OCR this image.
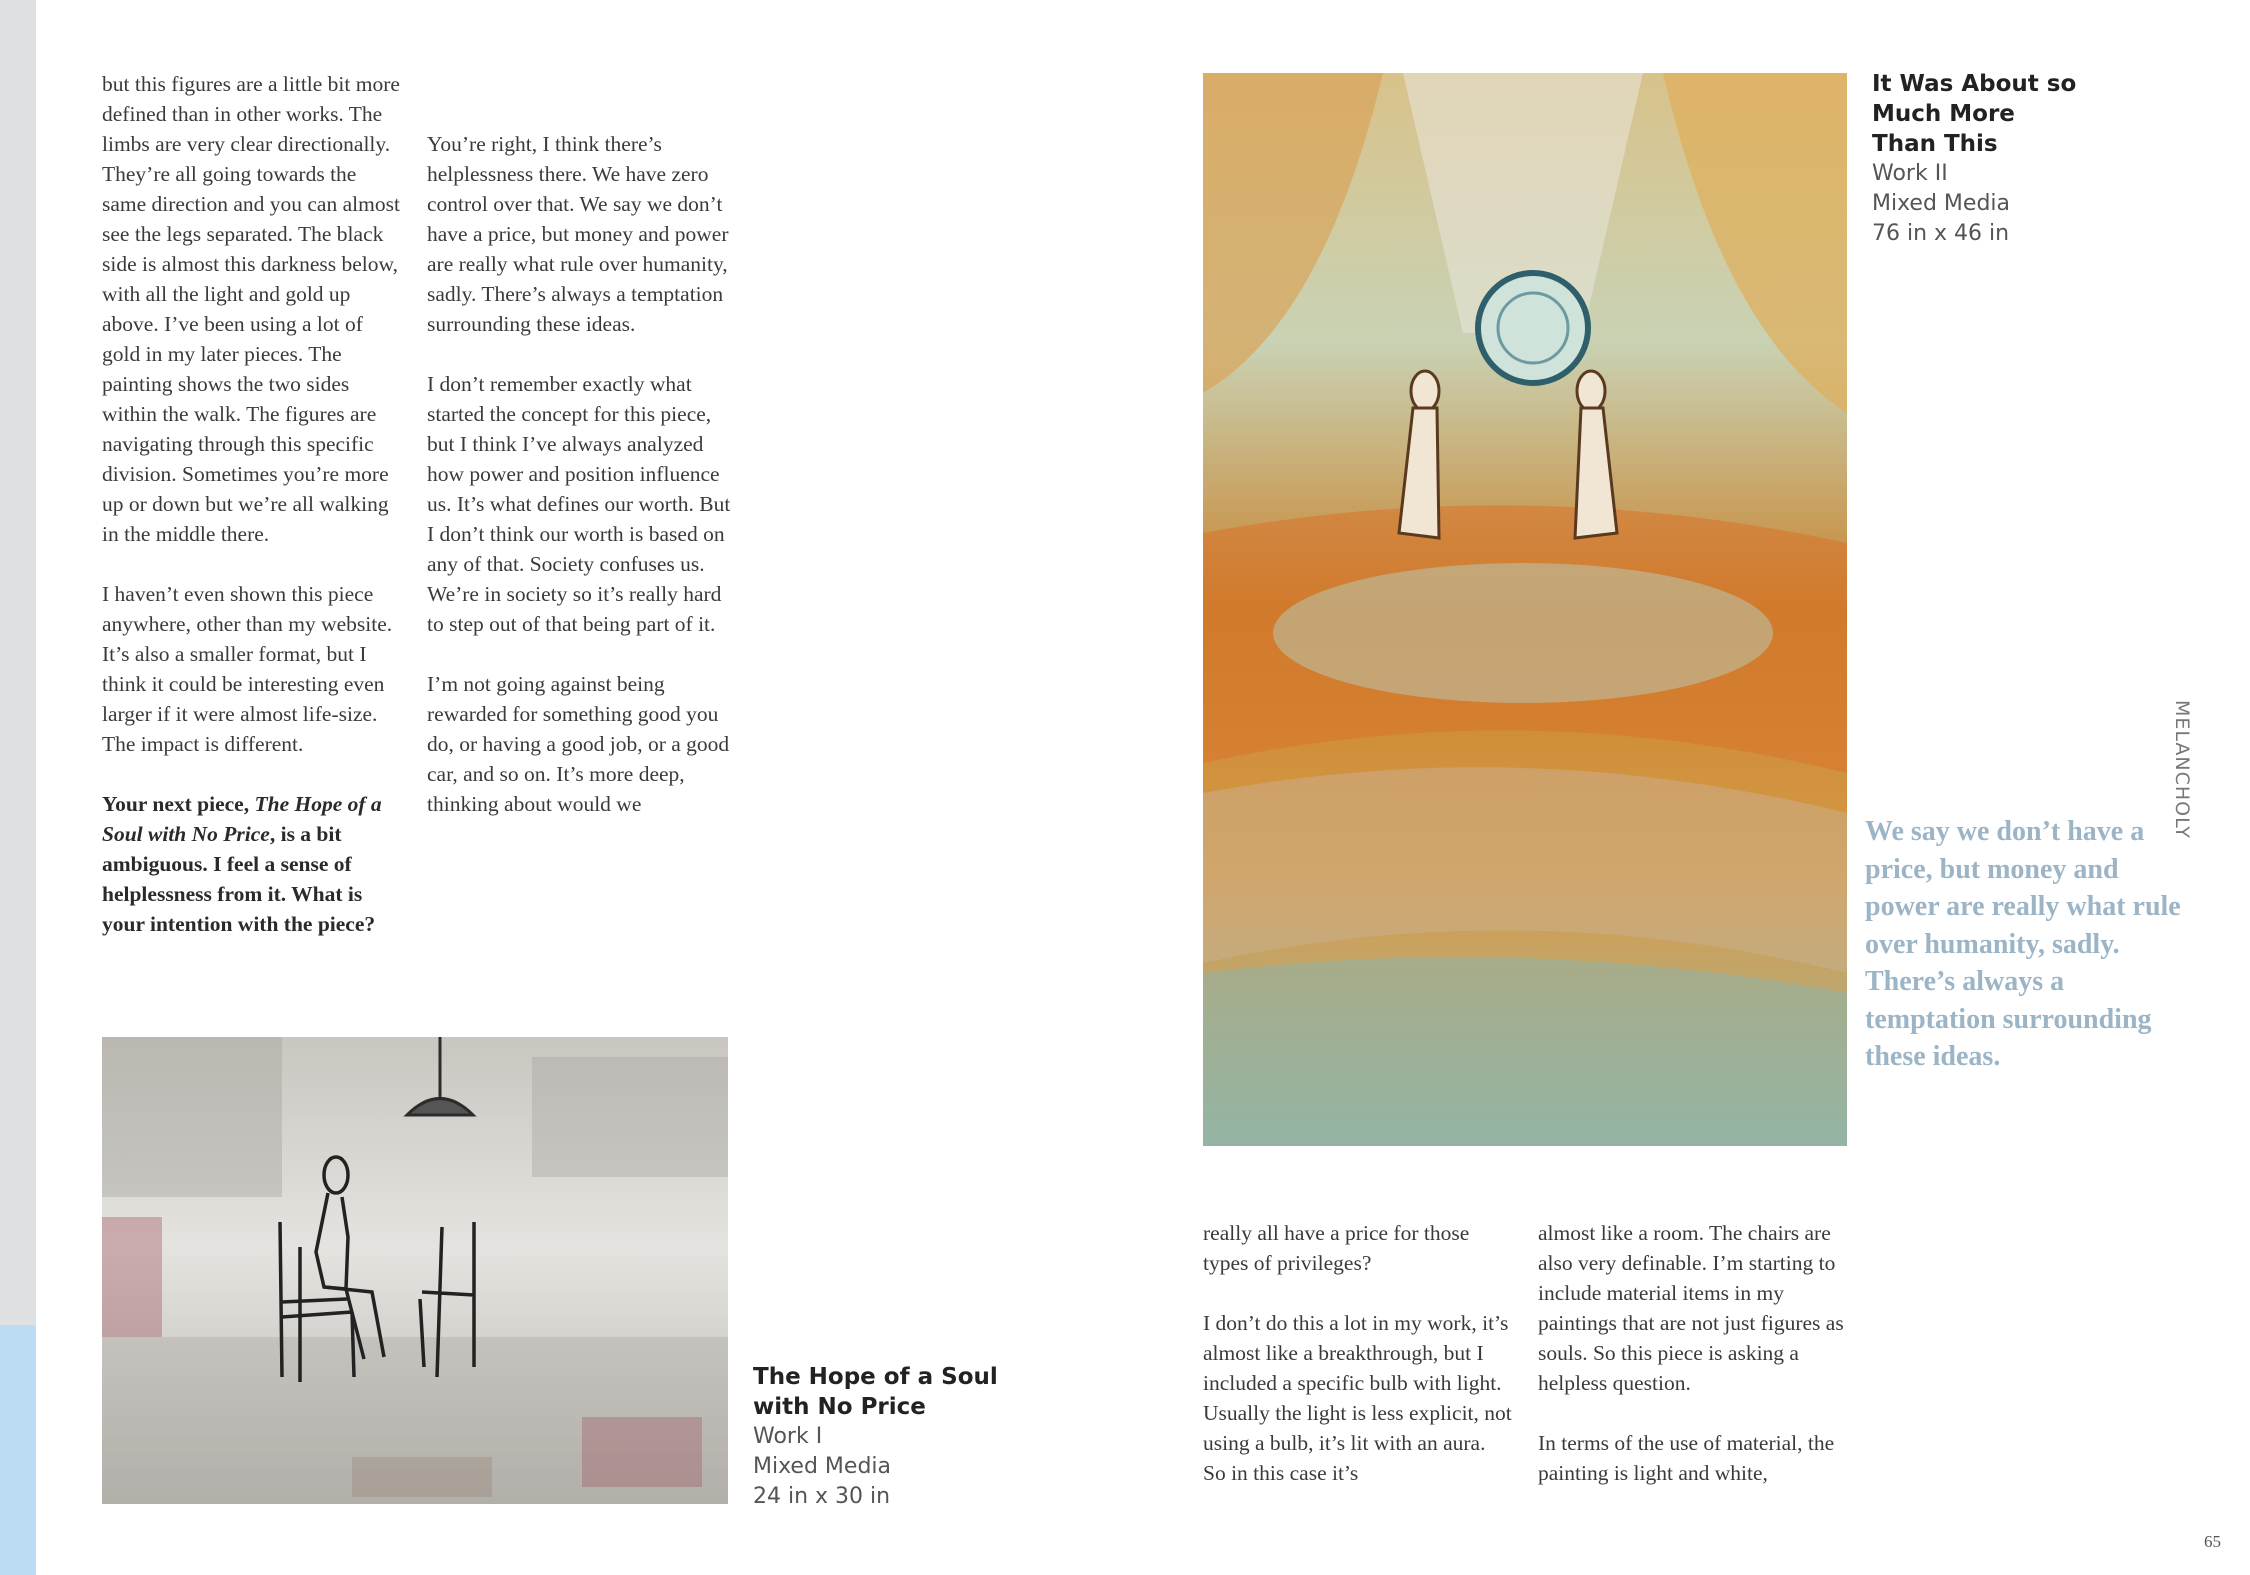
but this figures are a little bit more defined than in other works. The limbs are very clear directionally. They’re all going towards the same direction and you can almost see the legs separated. The black side is almost this darkness below, with all the light and gold up above. I’ve been using a lot of gold in my later pieces. The painting shows the two sides within the walk. The figures are navigating through this specific division. Sometimes you’re more up or down but we’re all walking in the middle there.

I haven’t even shown this piece anywhere, other than my website. It’s also a smaller format, but I think it could be interesting even larger if it were almost life-size. The impact is different.

Your next piece, The Hope of a Soul with No Price, is a bit ambiguous. I feel a sense of helplessness from it. What is your intention with the piece?

You’re right, I think there’s helplessness there. We have zero control over that. We say we don’t have a price, but money and power are really what rule over humanity, sadly. There’s always a temptation surrounding these ideas.

I don’t remember exactly what started the concept for this piece, but I think I’ve always analyzed how power and position influence us. It’s what defines our worth. But I don’t think our worth is based on any of that. Society confuses us. We’re in society so it’s really hard to step out of that being part of it.

I’m not going against being rewarded for something good you do, or having a good job, or a good car, and so on. It’s more deep, thinking about would we

The Hope of a Soul with No Price
Work I
Mixed Media
24 in x 30 in
It Was About so Much More Than This
Work II
Mixed Media
76 in x 46 in
We say we don’t have a price, but money and power are really what rule over humanity, sadly. There’s always a temptation surrounding these ideas.

really all have a price for those types of privileges?

I don’t do this a lot in my work, it’s almost like a breakthrough, but I included a specific bulb with light. Usually the light is less explicit, not using a bulb, it’s lit with an aura. So in this case it’s

almost like a room. The chairs are also very definable. I’m starting to include material items in my paintings that are not just figures as souls. So this piece is asking a helpless question.

In terms of the use of material, the painting is light and white,

MELANCHOLY
65
